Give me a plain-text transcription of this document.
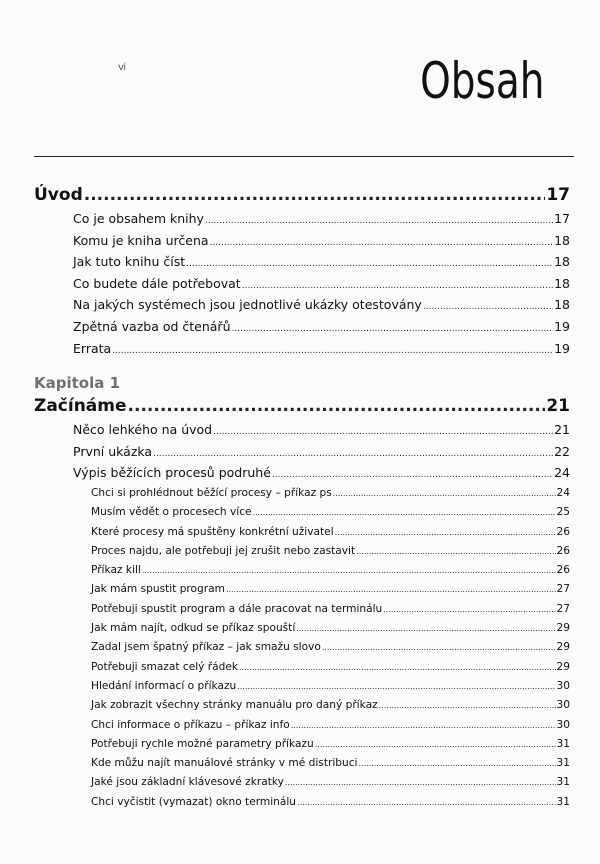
ⅵ	Obsah
Úvod .....	17
Co je obsahem knihy .....	17
Komu je kniha určena .....	18
Jak tuto knihu číst .....	18
Co budete dále potřebovat .....	18
Na jakých systémech jsou jednotlivé ukázky otestovány .....	18
Zpětná vazba od čtenářů .....	19
Errata .....	19
Kapitola 1
Začínáme .....	21
Něco lehkého na úvod .....	21
První ukázka .....	22
Výpis běžících procesů podruhé .....	24
Chci si prohlédnout běžící procesy – příkaz ps .....	24
Musím vědět o procesech více .....	25
Které procesy má spuštěny konkrétní uživatel .....	26
Proces najdu, ale potřebuji jej zrušit nebo zastavit .....	26
Příkaz kill .....	26
Jak mám spustit program .....	27
Potřebuji spustit program a dále pracovat na terminálu .....	27
Jak mám najít, odkud se příkaz spouští .....	29
Zadal jsem špatný příkaz – jak smažu slovo .....	29
Potřebuji smazat celý řádek .....	29
Hledání informací o příkazu .....	30
Jak zobrazit všechny stránky manuálu pro daný příkaz .....	30
Chci informace o příkazu – příkaz info .....	30
Potřebuji rychle možné parametry příkazu .....	31
Kde můžu najít manuálové stránky v mé distribuci .....	31
Jaké jsou základní klávesové zkratky .....	31
Chci vyčistit (vymazat) okno terminálu .....	31
